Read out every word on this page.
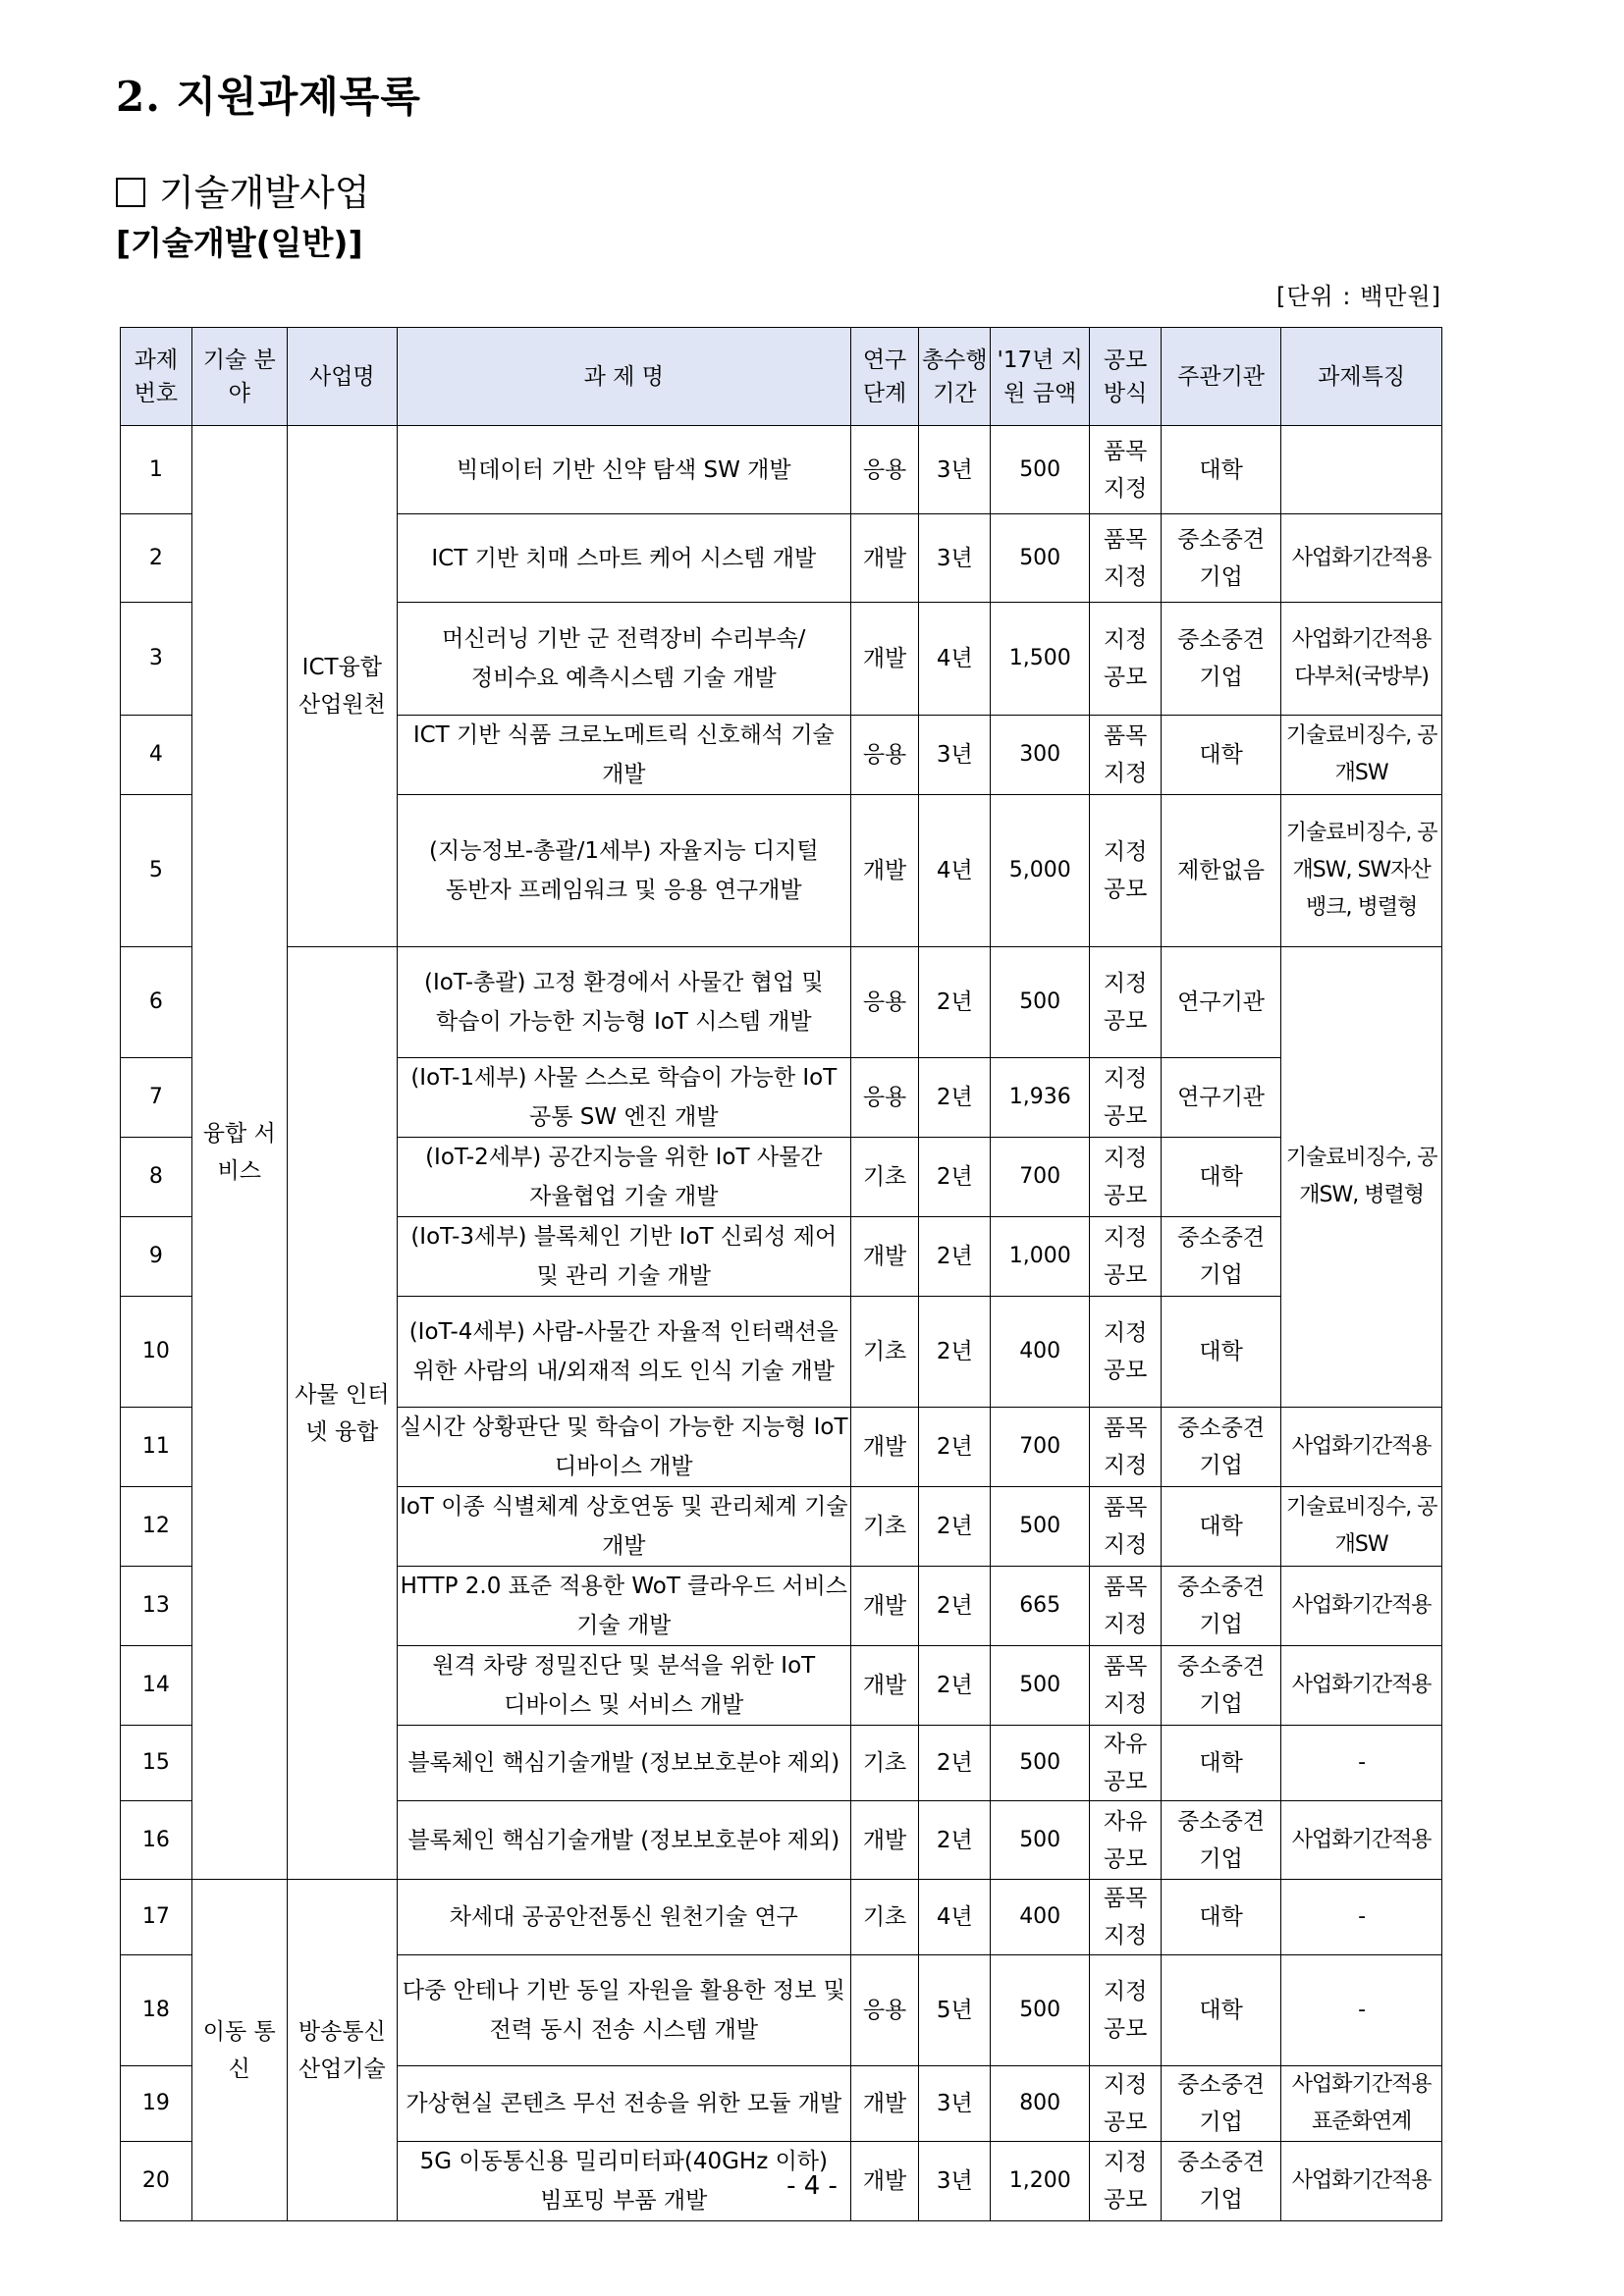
2. 지원과제목록
기술개발사업
[기술개발(일반)]
[단위 : 백만원]
과제 번호	기술 분야	사업명	과 제 명	연구 단계	총수행 기간	'17년 지원 금액	공모 방식	주관기관	과제특징
1	융합 서비스	ICT융합 산업원천	빅데이터 기반 신약 탐색 SW 개발	응용	3년	500	품목 지정	대학	
2			ICT 기반 치매 스마트 케어 시스템 개발	개발	3년	500	품목 지정	중소중견 기업	사업화기간적용
3			머신러닝 기반 군 전력장비 수리부속/정비수요 예측시스템 기술 개발	개발	4년	1,500	지정 공모	중소중견 기업	사업화기간적용 다부처(국방부)
4			ICT 기반 식품 크로노메트릭 신호해석 기술 개발	응용	3년	300	품목 지정	대학	기술료비징수, 공개SW
5			(지능정보-총괄/1세부) 자율지능 디지털 동반자 프레임워크 및 응용 연구개발	개발	4년	5,000	지정 공모	제한없음	기술료비징수, 공개SW, SW자산뱅크, 병렬형
6		사물 인터넷 융합	(IoT-총괄) 고정 환경에서 사물간 협업 및 학습이 가능한 지능형 IoT 시스템 개발	응용	2년	500	지정 공모	연구기관	기술료비징수, 공개SW, 병렬형
7			(IoT-1세부) 사물 스스로 학습이 가능한 IoT 공통 SW 엔진 개발	응용	2년	1,936	지정 공모	연구기관	
8			(IoT-2세부) 공간지능을 위한 IoT 사물간 자율협업 기술 개발	기초	2년	700	지정 공모	대학	
9			(IoT-3세부) 블록체인 기반 IoT 신뢰성 제어 및 관리 기술 개발	개발	2년	1,000	지정 공모	중소중견 기업	
10			(IoT-4세부) 사람-사물간 자율적 인터랙션을 위한 사람의 내/외재적 의도 인식 기술 개발	기초	2년	400	지정 공모	대학	
11			실시간 상황판단 및 학습이 가능한 지능형 IoT 디바이스 개발	개발	2년	700	품목 지정	중소중견 기업	사업화기간적용
12			IoT 이종 식별체계 상호연동 및 관리체계 기술 개발	기초	2년	500	품목 지정	대학	기술료비징수, 공개SW
13			HTTP 2.0 표준 적용한 WoT 클라우드 서비스 기술 개발	개발	2년	665	품목 지정	중소중견 기업	사업화기간적용
14			원격 차량 정밀진단 및 분석을 위한 IoT 디바이스 및 서비스 개발	개발	2년	500	품목 지정	중소중견 기업	사업화기간적용
15			블록체인 핵심기술개발 (정보보호분야 제외)	기초	2년	500	자유 공모	대학	-
16			블록체인 핵심기술개발 (정보보호분야 제외)	개발	2년	500	자유 공모	중소중견 기업	사업화기간적용
17	이동 통신	방송통신 산업기술	차세대 공공안전통신 원천기술 연구	기초	4년	400	품목 지정	대학	-
18			다중 안테나 기반 동일 자원을 활용한 정보 및 전력 동시 전송 시스템 개발	응용	5년	500	지정 공모	대학	-
19			가상현실 콘텐츠 무선 전송을 위한 모듈 개발	개발	3년	800	지정 공모	중소중견 기업	사업화기간적용 표준화연계
20			5G 이동통신용 밀리미터파(40GHz 이하) 빔포밍 부품 개발	개발	3년	1,200	지정 공모	중소중견 기업	사업화기간적용
- 4 -
